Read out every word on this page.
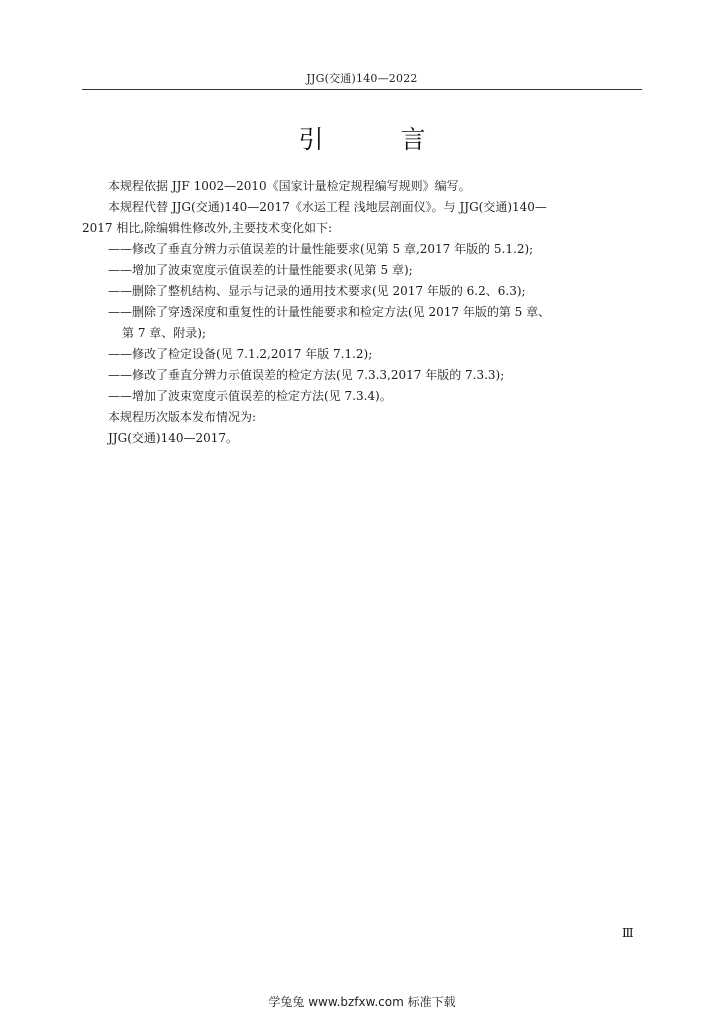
JJG(交通)140—2022
引	言

本规程依据 JJF 1002—2010《国家计量检定规程编写规则》编写。

本规程代替 JJG(交通)140—2017《水运工程 浅地层剖面仪》。与 JJG(交通)140—

2017 相比,除编辑性修改外,主要技术变化如下:

——修改了垂直分辨力示值误差的计量性能要求(见第 5 章,2017 年版的 5.1.2);

——增加了波束宽度示值误差的计量性能要求(见第 5 章);

——删除了整机结构、显示与记录的通用技术要求(见 2017 年版的 6.2、6.3);

——删除了穿透深度和重复性的计量性能要求和检定方法(见 2017 年版的第 5 章、

第 7 章、附录);

——修改了检定设备(见 7.1.2,2017 年版 7.1.2);

——修改了垂直分辨力示值误差的检定方法(见 7.3.3,2017 年版的 7.3.3);

——增加了波束宽度示值误差的检定方法(见 7.3.4)。

本规程历次版本发布情况为:

JJG(交通)140—2017。

Ⅲ
学兔兔 www.bzfxw.com 标准下载
